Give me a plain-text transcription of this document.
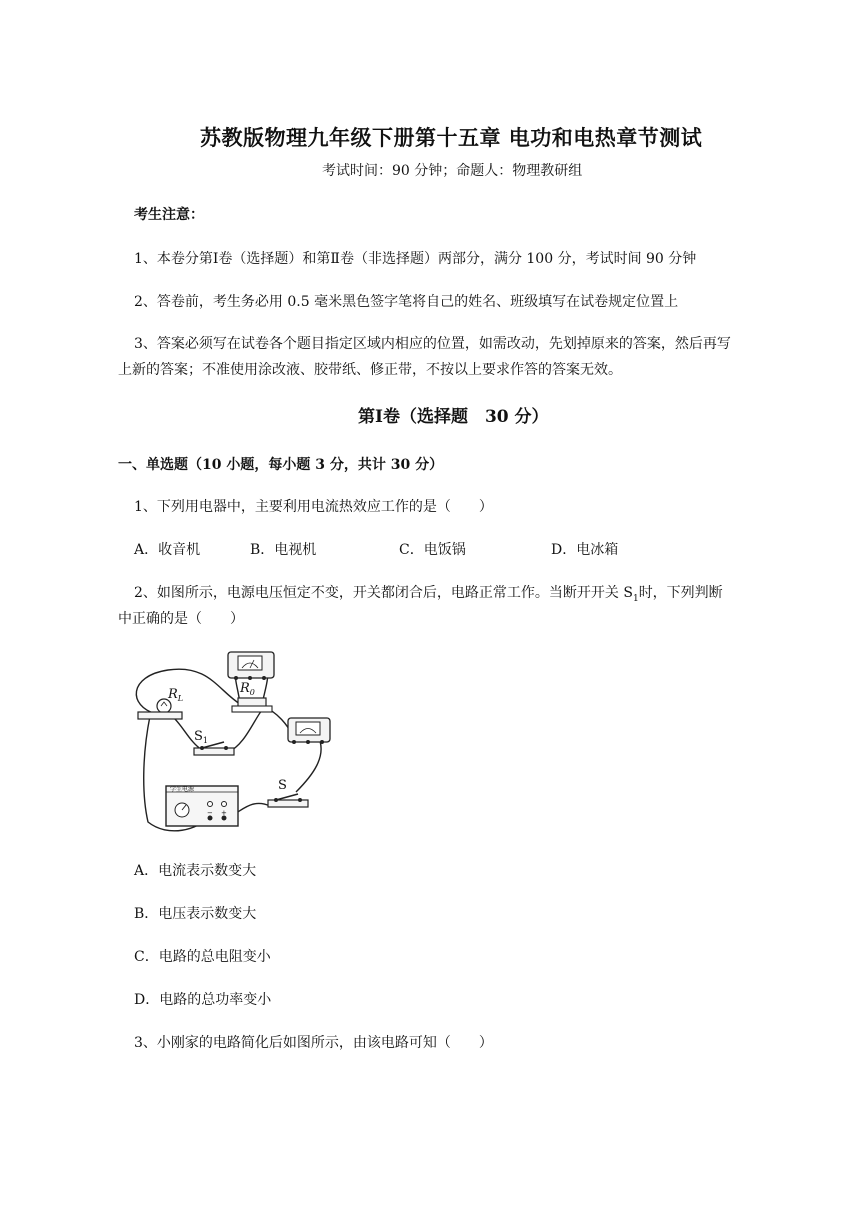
苏教版物理九年级下册第十五章 电功和电热章节测试
考试时间：90 分钟；命题人：物理教研组
考生注意：
1、本卷分第Ⅰ卷（选择题）和第Ⅱ卷（非选择题）两部分，满分 100 分，考试时间 90 分钟
2、答卷前，考生务必用 0.5 毫米黑色签字笔将自己的姓名、班级填写在试卷规定位置上
3、答案必须写在试卷各个题目指定区域内相应的位置，如需改动，先划掉原来的答案，然后再写
上新的答案；不准使用涂改液、胶带纸、修正带，不按以上要求作答的答案无效。
第Ⅰ卷（选择题　30 分）
一、单选题（10 小题，每小题 3 分，共计 30 分）
1、下列用电器中，主要利用电流热效应工作的是（　　）
A．收音机	B．电视机	C．电饭锅	D．电冰箱
2、如图所示，电源电压恒定不变，开关都闭合后，电路正常工作。当断开开关 $S_1$时，下列判断
中正确的是（　　）
$R_0$
$R_L$
$S_1$
S
学生电源
− +
A．电流表示数变大
B．电压表示数变大
C．电路的总电阻变小
D．电路的总功率变小
3、小刚家的电路简化后如图所示，由该电路可知（　　）
